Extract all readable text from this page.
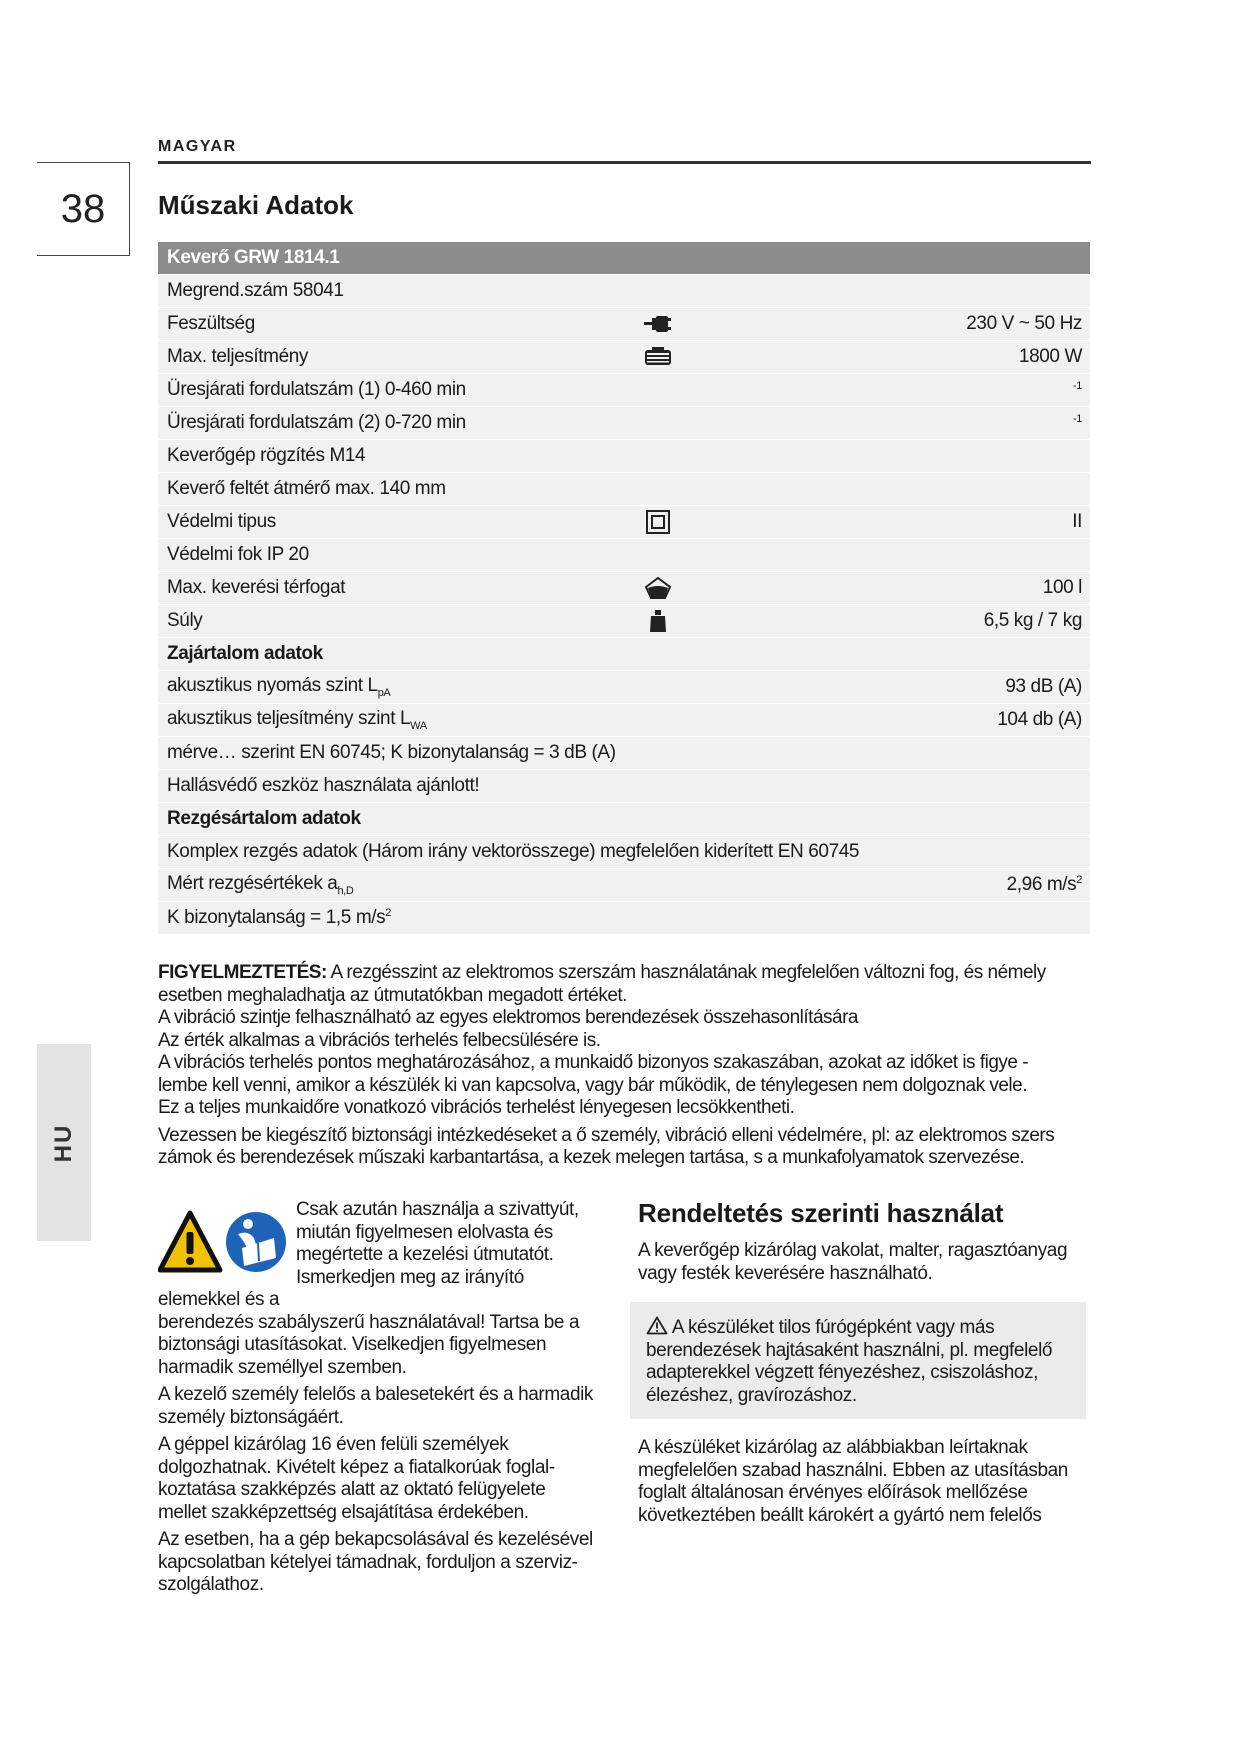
MAGYAR
38
HU
Műszaki Adatok
Keverő GRW 1814.1
Megrend.szám 58041
Feszültség	230 V ~ 50 Hz
Max. teljesítmény	1800 W
Üresjárati fordulatszám (1) 0-460 min	-1
Üresjárati fordulatszám (2) 0-720 min	-1
Keverőgép rögzítés M14
Keverő feltét átmérő max. 140 mm
Védelmi tipus	II
Védelmi fok IP 20
Max. keverési térfogat	100 l
Súly	6,5 kg / 7 kg
Zajártalom adatok
akusztikus nyomás szint $L_{pA}$	93 dB (A)
akusztikus teljesítmény szint $L_{WA}$	104 db (A)
mérve… szerint EN 60745; K bizonytalanság = 3 dB (A)
Hallásvédő eszköz használata ajánlott!
Rezgésártalom adatok
Komplex rezgés adatok (Három irány vektorösszege) megfelelően kiderített EN 60745
Mért rezgésértékek $a_{h,D}$	2,96 $m/s^2$
K bizonytalanság = 1,5 $m/s^2$

FIGYELMEZTETÉS: A rezgésszint az elektromos szerszám használatának megfelelően változni fog, és némely

esetben meghaladhatja az útmutatókban megadott értéket.

A vibráció szintje felhasználható az egyes elektromos berendezések összehasonlítására

Az érték alkalmas a vibrációs terhelés felbecsülésére is.

A vibrációs terhelés pontos meghatározásához, a munkaidő bizonyos szakaszában, azokat az időket is figye -

lembe kell venni, amikor a készülék ki van kapcsolva, vagy bár működik, de ténylegesen nem dolgoznak vele.

Ez a teljes munkaidőre vonatkozó vibrációs terhelést lényegesen lecsökkentheti.

Vezessen be kiegészítő biztonsági intézkedéseket a ő személy, vibráció elleni védelmére, pl: az elektromos szers

zámok és berendezések műszaki karbantartása, a kezek melegen tartása, s a munkafolyamatok szervezése.

Csak azután használja a szivattyút,
miután figyelmesen elolvasta és
megértette a kezelési útmutatót.
Ismerkedjen meg az irányító elemekkel és a
berendezés szabályszerű használatával! Tartsa be a
biztonsági utasításokat. Viselkedjen figyelmesen
harmadik személlyel szemben.

A kezelő személy felelős a balesetekért és a harmadik
személy biztonságáért.

A géppel kizárólag 16 éven felüli személyek
dolgozhatnak. Kivételt képez a fiatalkorúak foglal-
koztatása szakképzés alatt az oktató felügyelete
mellet szakképzettség elsajátítása érdekében.

Az esetben, ha a gép bekapcsolásával és kezelésével
kapcsolatban kételyei támadnak, forduljon a szerviz-
szolgálathoz.

Rendeltetés szerinti használat

A keverőgép kizárólag vakolat, malter, ragasztóanyag
vagy festék keverésére használható.

A készüléket tilos fúrógépként vagy más
berendezések hajtásaként használni, pl. megfelelő
adapterekkel végzett fényezéshez, csiszoláshoz,
élezéshez, gravírozáshoz.

A készüléket kizárólag az alábbiakban leírtaknak
megfelelően szabad használni. Ebben az utasításban
foglalt általánosan érvényes előírások mellőzése
következtében beállt károkért a gyártó nem felelős
